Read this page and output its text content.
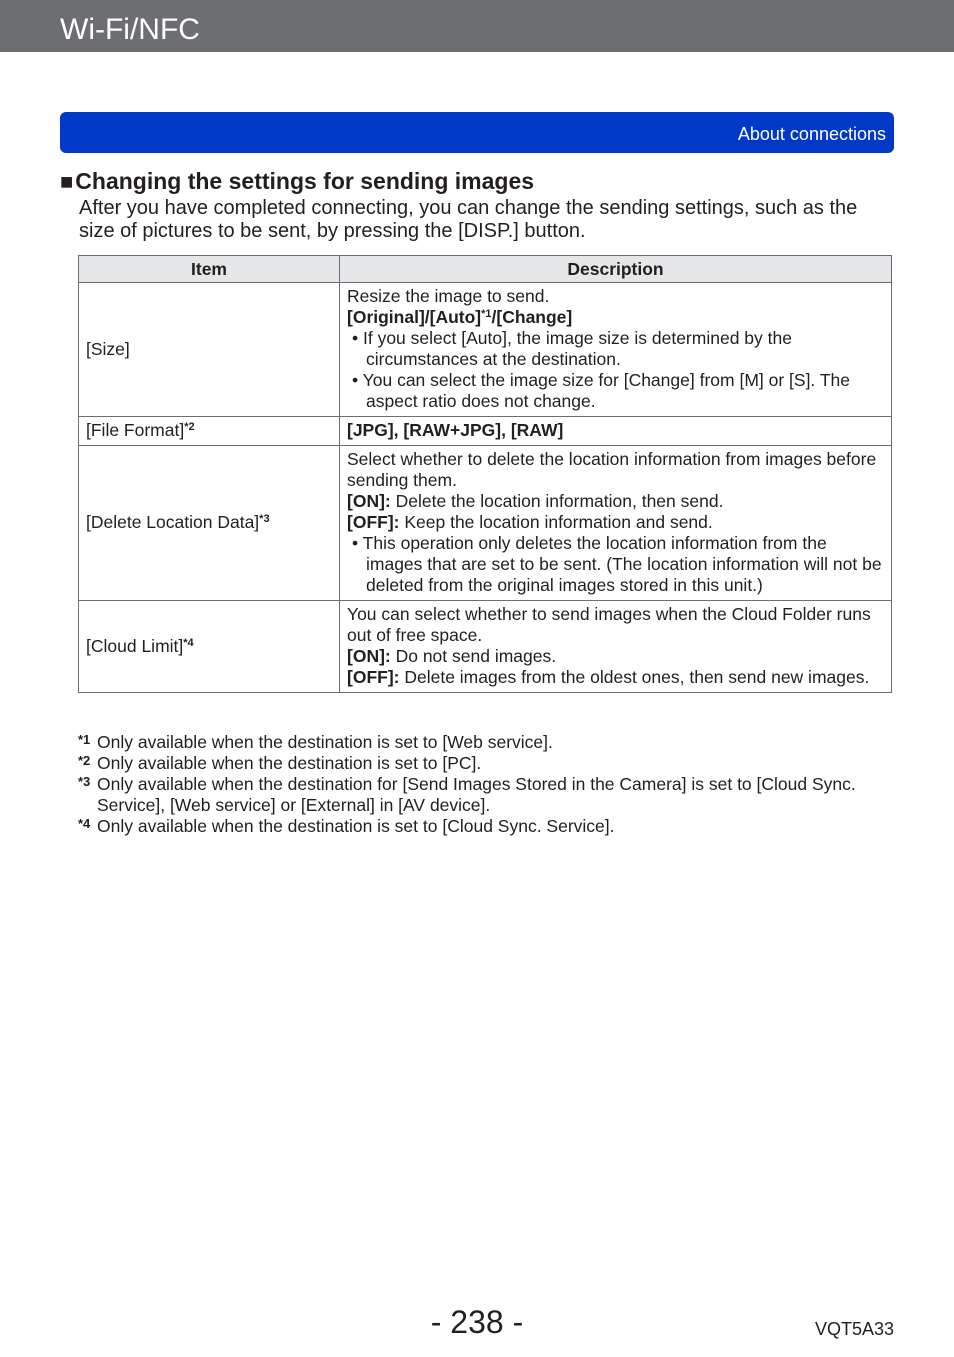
Wi-Fi/NFC
About connections
■Changing the settings for sending images
After you have completed connecting, you can change the sending settings, such as the size of pictures to be sent, by pressing the [DISP.] button.
Item	Description
[Size]	Resize the image to send.
[Original]/[Auto]$^{*1}$/[Change]
• If you select [Auto], the image size is determined by the circumstances at the destination.
• You can select the image size for [Change] from [M] or [S]. The aspect ratio does not change.

[File Format]$^{*2}$	[JPG], [RAW+JPG], [RAW]

[Delete Location Data]$^{*3}$	Select whether to delete the location information from images before sending them.
[ON]: Delete the location information, then send.
[OFF]: Keep the location information and send.
• This operation only deletes the location information from the images that are set to be sent. (The location information will not be deleted from the original images stored in this unit.)

[Cloud Limit]$^{*4}$	You can select whether to send images when the Cloud Folder runs out of free space.
[ON]: Do not send images.
[OFF]: Delete images from the oldest ones, then send new images.
*1 Only available when the destination is set to [Web service].
*2 Only available when the destination is set to [PC].
*3 Only available when the destination for [Send Images Stored in the Camera] is set to [Cloud Sync. Service], [Web service] or [External] in [AV device].
*4 Only available when the destination is set to [Cloud Sync. Service].
- 238 -	VQT5A33
